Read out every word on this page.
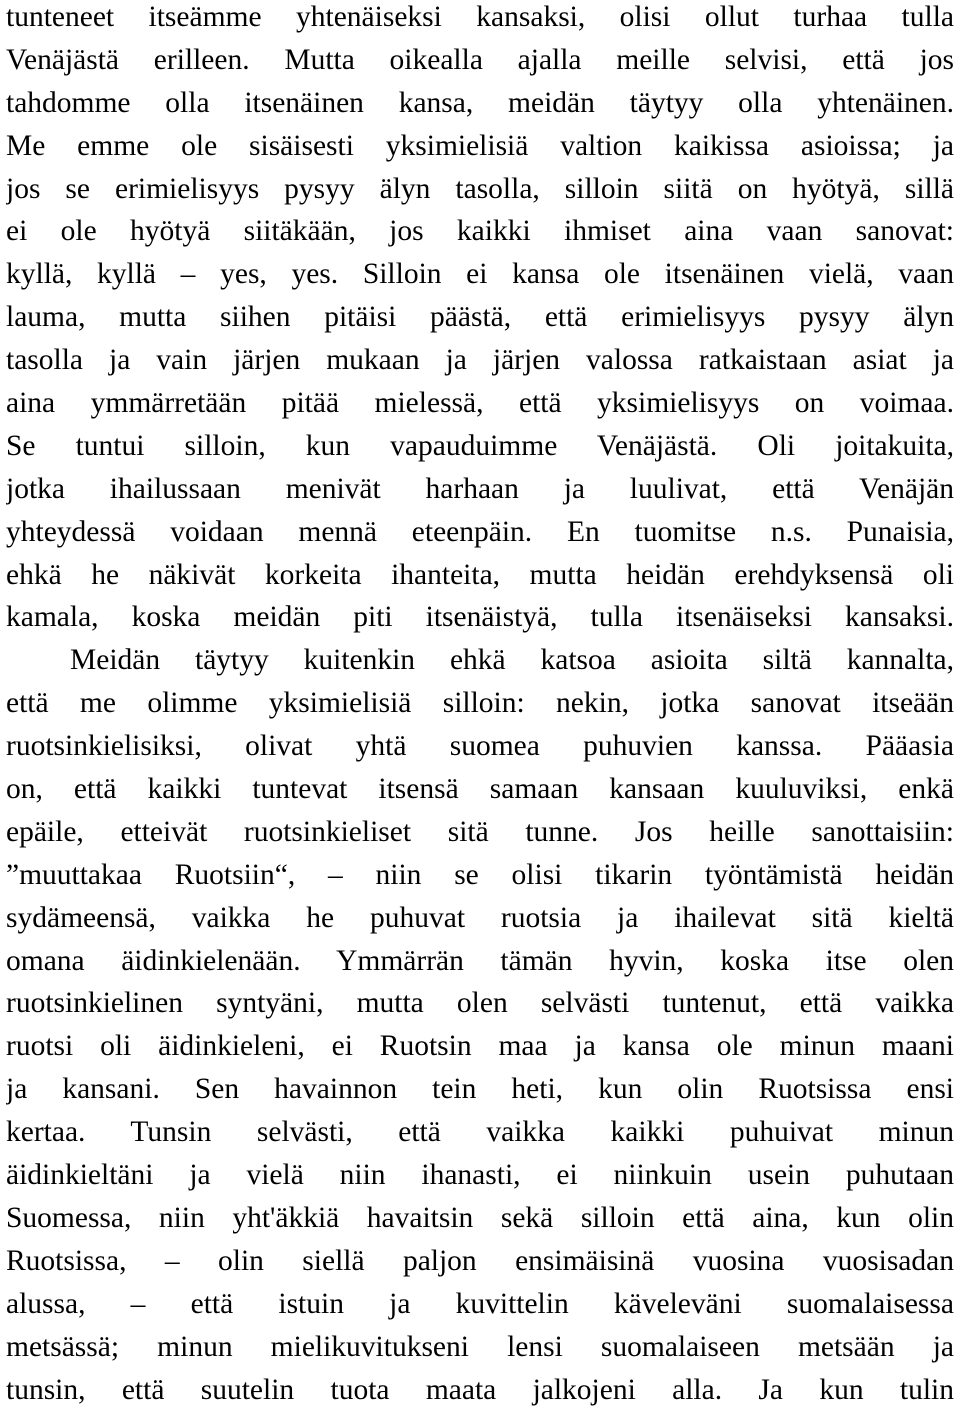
tunteneet itseämme yhtenäiseksi kansaksi, olisi ollut turhaa tulla
Venäjästä erilleen. Mutta oikealla ajalla meille selvisi, että jos
tahdomme olla itsenäinen kansa, meidän täytyy olla yhtenäinen.
Me emme ole sisäisesti yksimielisiä valtion kaikissa asioissa; ja
jos se erimielisyys pysyy älyn tasolla, silloin siitä on hyötyä, sillä
ei ole hyötyä siitäkään, jos kaikki ihmiset aina vaan sanovat:
kyllä, kyllä – yes, yes. Silloin ei kansa ole itsenäinen vielä, vaan
lauma, mutta siihen pitäisi päästä, että erimielisyys pysyy älyn
tasolla ja vain järjen mukaan ja järjen valossa ratkaistaan asiat ja
aina ymmärretään pitää mielessä, että yksimielisyys on voimaa.
Se tuntui silloin, kun vapauduimme Venäjästä. Oli joitakuita,
jotka ihailussaan menivät harhaan ja luulivat, että Venäjän
yhteydessä voidaan mennä eteenpäin. En tuomitse n.s. Punaisia,
ehkä he näkivät korkeita ihanteita, mutta heidän erehdyksensä oli
kamala, koska meidän piti itsenäistyä, tulla itsenäiseksi kansaksi.
Meidän täytyy kuitenkin ehkä katsoa asioita siltä kannalta,
että me olimme yksimielisiä silloin: nekin, jotka sanovat itseään
ruotsinkielisiksi, olivat yhtä suomea puhuvien kanssa. Pääasia
on, että kaikki tuntevat itsensä samaan kansaan kuuluviksi, enkä
epäile, etteivät ruotsinkieliset sitä tunne. Jos heille sanottaisiin:
”muuttakaa Ruotsiin“, – niin se olisi tikarin työntämistä heidän
sydämeensä, vaikka he puhuvat ruotsia ja ihailevat sitä kieltä
omana äidinkielenään. Ymmärrän tämän hyvin, koska itse olen
ruotsinkielinen syntyäni, mutta olen selvästi tuntenut, että vaikka
ruotsi oli äidinkieleni, ei Ruotsin maa ja kansa ole minun maani
ja kansani. Sen havainnon tein heti, kun olin Ruotsissa ensi
kertaa. Tunsin selvästi, että vaikka kaikki puhuivat minun
äidinkieltäni ja vielä niin ihanasti, ei niinkuin usein puhutaan
Suomessa, niin yht'äkkiä havaitsin sekä silloin että aina, kun olin
Ruotsissa, – olin siellä paljon ensimäisinä vuosina vuosisadan
alussa, – että istuin ja kuvittelin käveleväni suomalaisessa
metsässä; minun mielikuvitukseni lensi suomalaiseen metsään ja
tunsin, että suutelin tuota maata jalkojeni alla. Ja kun tulin
